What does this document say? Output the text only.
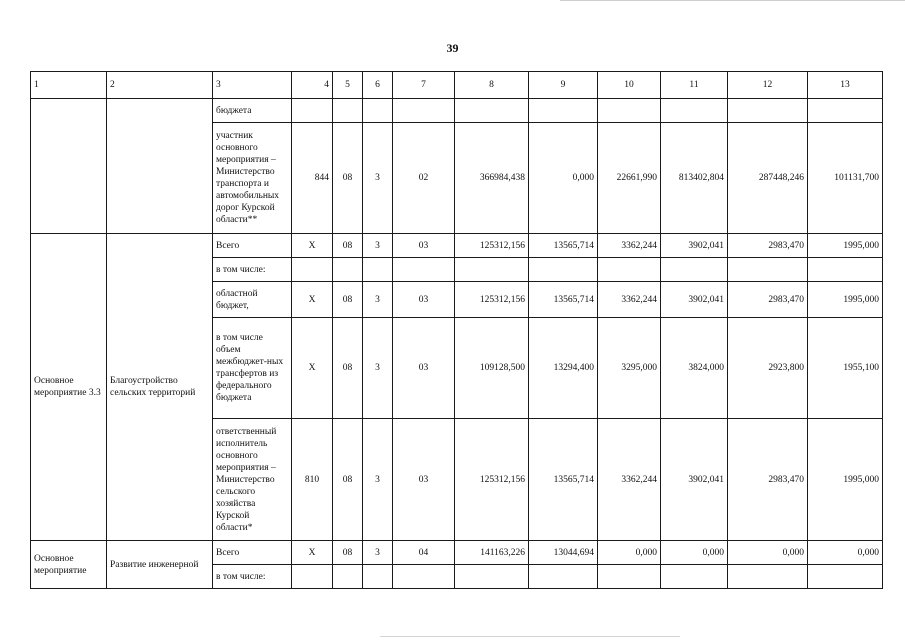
39
1	2	3	4	5	6	7	8	9	10	11	12	13
		бюджета										
		участник основного мероприятия – Министерство транспорта и автомобильных дорог Курской области**	844	08	3	02	366984,438	0,000	22661,990	813402,804	287448,246	101131,700
Основное мероприятие 3.3	Благоустройство сельских территорий	Всего	X	08	3	03	125312,156	13565,714	3362,244	3902,041	2983,470	1995,000
		в том числе:										
		областной бюджет,	X	08	3	03	125312,156	13565,714	3362,244	3902,041	2983,470	1995,000
		в том числе объем межбюджет-ных трансфертов из федерального бюджета	X	08	3	03	109128,500	13294,400	3295,000	3824,000	2923,800	1955,100
		ответственный исполнитель основного мероприятия – Министерство сельского хозяйства Курской области*	810	08	3	03	125312,156	13565,714	3362,244	3902,041	2983,470	1995,000
Основное мероприятие	Развитие инженерной	Всего	X	08	3	04	141163,226	13044,694	0,000	0,000	0,000	0,000
		в том числе:										
